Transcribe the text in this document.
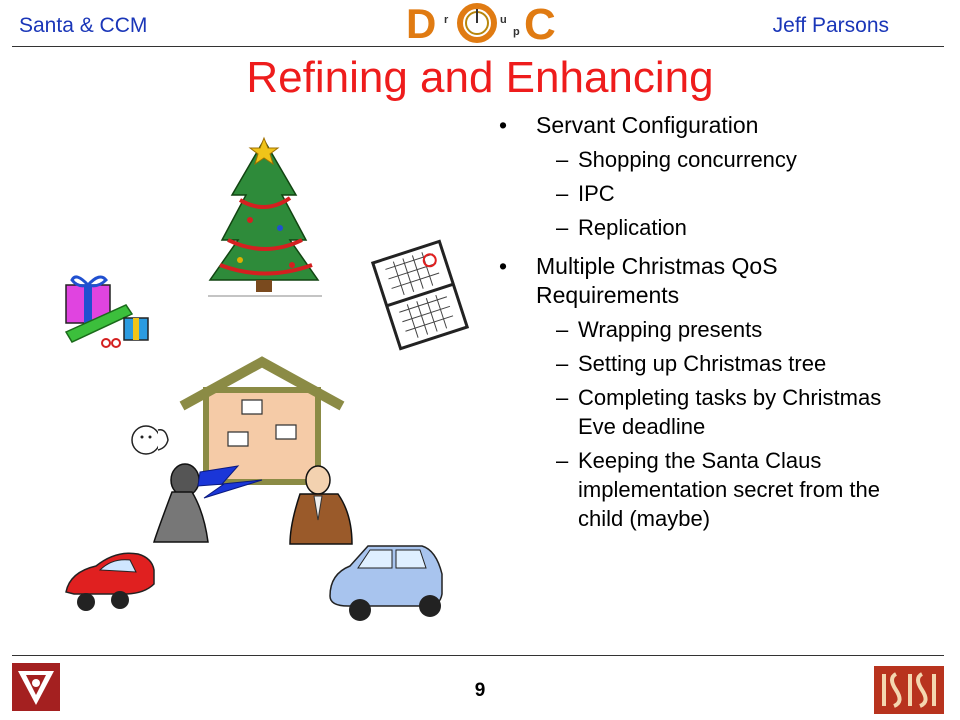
Santa & CCM	D r	u
p C	Jeff Parsons
Refining and Enhancing
• Servant Configuration
– Shopping concurrency
– IPC
– Replication
• Multiple Christmas QoS Requirements
– Wrapping presents
– Setting up Christmas tree
– Completing tasks by Christmas Eve deadline
– Keeping the Santa Claus implementation secret from the child (maybe)
9
